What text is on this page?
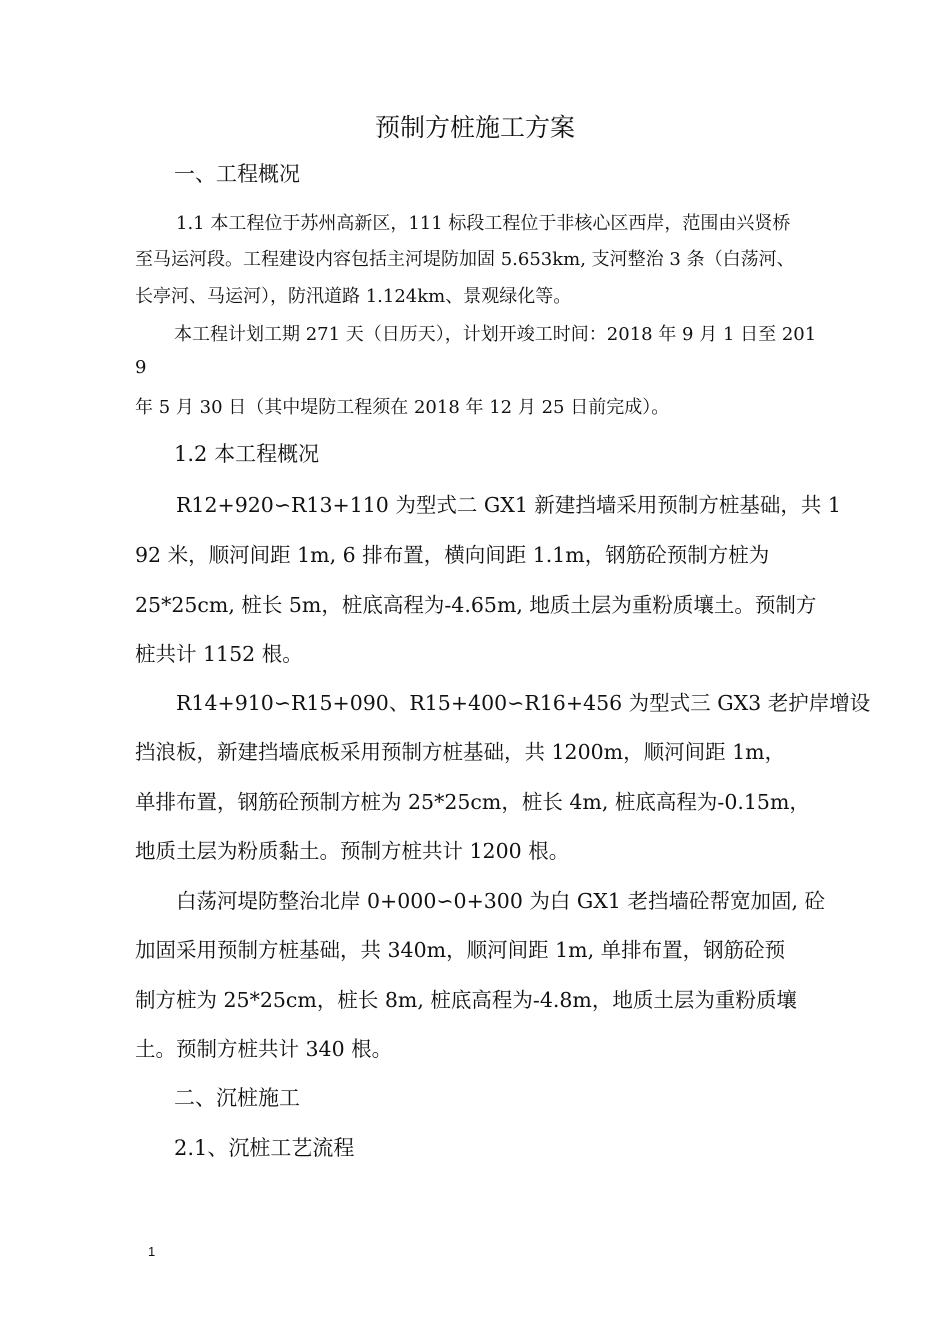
预制方桩施工方案

一、工程概况

1.1 本工程位于苏州高新区，111 标段工程位于非核心区西岸，范围由兴贤桥

至马运河段。工程建设内容包括主河堤防加固 5.653km, 支河整治 3 条（白荡河、

长亭河、马运河），防汛道路 1.124km、景观绿化等。

本工程计划工期 271 天（日历天），计划开竣工时间：2018 年 9 月 1 日至 201

9

年 5 月 30 日（其中堤防工程须在 2018 年 12 月 25 日前完成）。

1.2 本工程概况

R12+920∽R13+110 为型式二 GX1 新建挡墙采用预制方桩基础，共 1

92 米，顺河间距 1m, 6 排布置，横向间距 1.1m，钢筋砼预制方桩为

25*25cm, 桩长 5m，桩底高程为-4.65m, 地质土层为重粉质壤土。预制方

桩共计 1152 根。

R14+910∽R15+090、R15+400∽R16+456 为型式三 GX3 老护岸增设

挡浪板，新建挡墙底板采用预制方桩基础，共 1200m，顺河间距 1m，

单排布置，钢筋砼预制方桩为 25*25cm，桩长 4m, 桩底高程为-0.15m，

地质土层为粉质黏土。预制方桩共计 1200 根。

白荡河堤防整治北岸 0+000∽0+300 为白 GX1 老挡墙砼帮宽加固, 砼

加固采用预制方桩基础，共 340m，顺河间距 1m, 单排布置，钢筋砼预

制方桩为 25*25cm，桩长 8m, 桩底高程为-4.8m，地质土层为重粉质壤

土。预制方桩共计 340 根。

二、沉桩施工

2.1、沉桩工艺流程

1
